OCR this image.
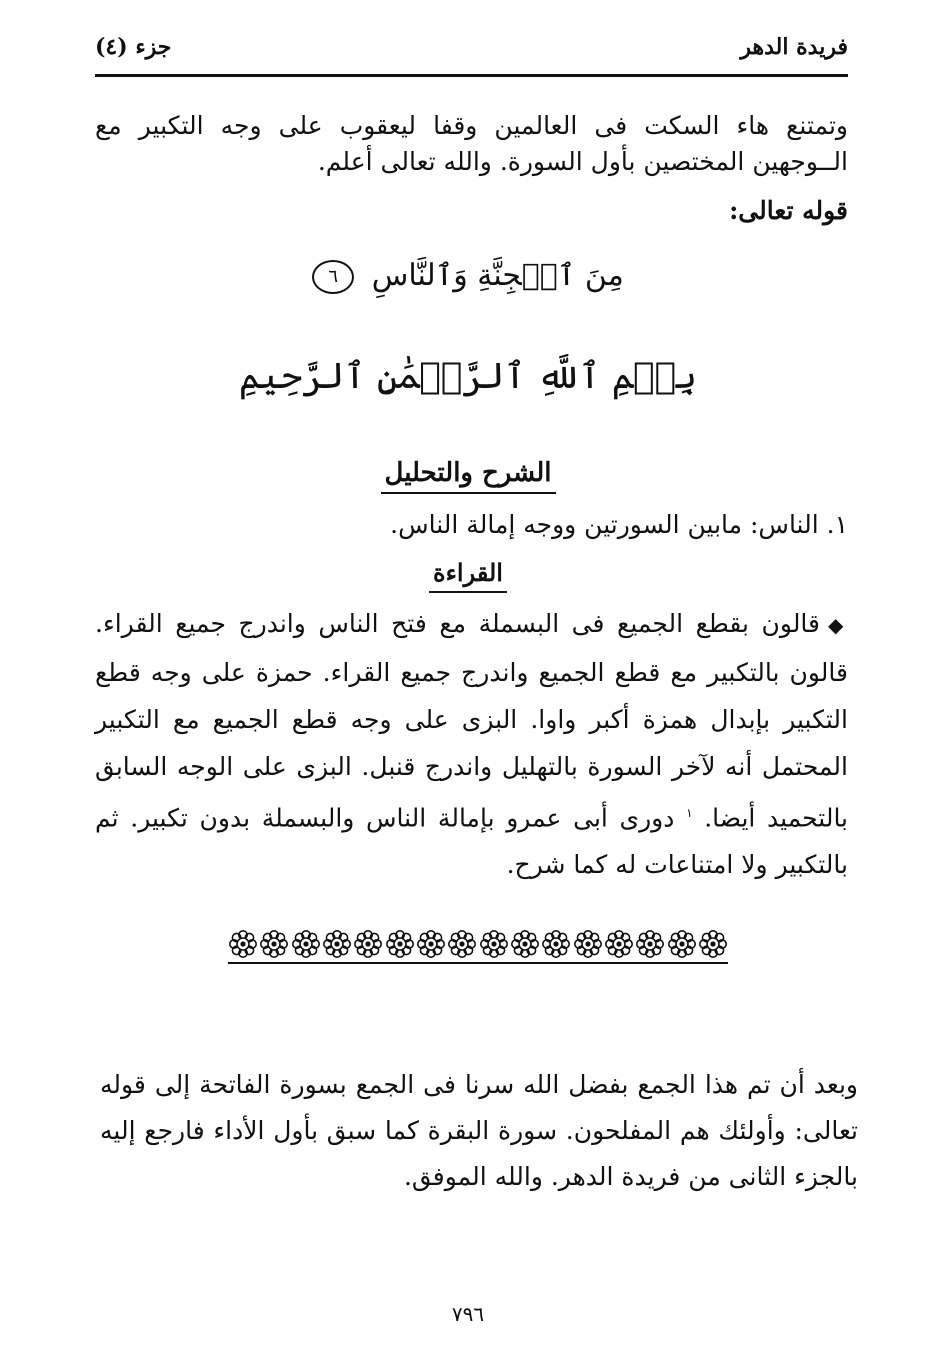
فريدة الدهر
جزء (٤)
وتمتنع هاء السكت فى العالمين وقفا ليعقوب على وجه التكبير مع الــوجهين المختصين بأول السورة. والله تعالى أعلم.
قوله تعالى:
مِنَ ٱلۡجِنَّةِ وَٱلنَّاسِ ٦
بِسۡمِ ٱللَّهِ ٱلرَّحۡمَٰنِ ٱلرَّحِيمِ
الشرح والتحليل
١. الناس: مابين السورتين ووجه إمالة الناس.
القراءة
◆قالون بقطع الجميع فى البسملة مع فتح الناس واندرج جميع القراء. قالون بالتكبير مع قطع الجميع واندرج جميع القراء. حمزة على وجه قطع التكبير بإبدال همزة أكبر واوا. البزى على وجه قطع الجميع مع التكبير المحتمل أنه لآخر السورة بالتهليل واندرج قنبل. البزى على الوجه السابق بالتحميد أيضا. $^١$ دورى أبى عمرو بإمالة الناس والبسملة بدون تكبير. ثم بالتكبير ولا امتناعات له كما شرح.
وبعد أن تم هذا الجمع بفضل الله سرنا فى الجمع بسورة الفاتحة إلى قوله تعالى: وأولئك هم المفلحون. سورة البقرة كما سبق بأول الأداء فارجع إليه بالجزء الثانى من فريدة الدهر. والله الموفق.
٧٩٦
